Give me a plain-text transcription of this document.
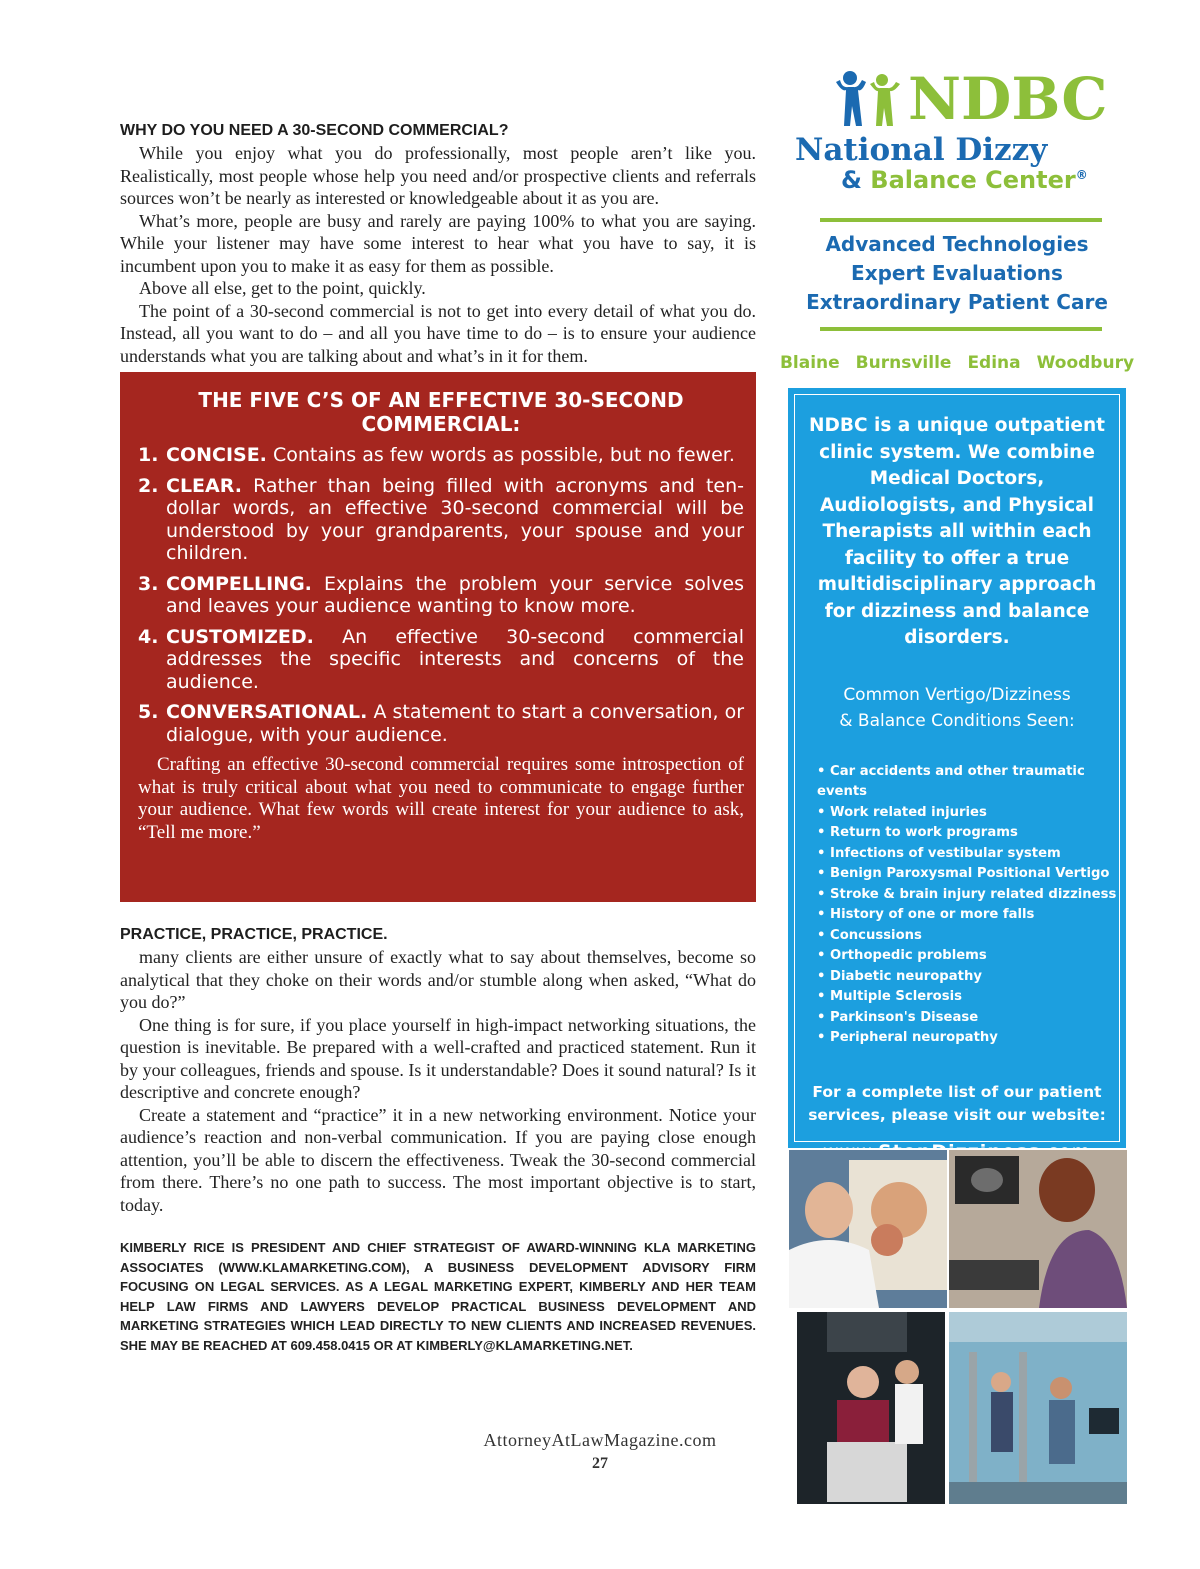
WHY DO YOU NEED A 30-SECOND COMMERCIAL?

While you enjoy what you do professionally, most people aren’t like you. Realistically, most people whose help you need and/or prospective clients and referrals sources won’t be nearly as interested or knowledgeable about it as you are.

What’s more, people are busy and rarely are paying 100% to what you are saying. While your listener may have some interest to hear what you have to say, it is incumbent upon you to make it as easy for them as possible.

Above all else, get to the point, quickly.

The point of a 30-second commercial is not to get into every detail of what you do. Instead, all you want to do – and all you have time to do – is to ensure your audience understands what you are talking about and what’s in it for them.

THE FIVE C’S OF AN EFFECTIVE 30-SECOND COMMERCIAL:
1. CONCISE. Contains as few words as possible, but no fewer.
2. CLEAR. Rather than being filled with acronyms and ten-dollar words, an effective 30-second commercial will be understood by your grandparents, your spouse and your children.
3. COMPELLING. Explains the problem your service solves and leaves your audience wanting to know more.
4. CUSTOMIZED. An effective 30-second commercial addresses the specific interests and concerns of the audience.
5. CONVERSATIONAL. A statement to start a conversation, or dialogue, with your audience.

Crafting an effective 30-second commercial requires some introspection of what is truly critical about what you need to communicate to engage further your audience. What few words will create interest for your audience to ask, “Tell me more.”

PRACTICE, PRACTICE, PRACTICE.

many clients are either unsure of exactly what to say about themselves, become so analytical that they choke on their words and/or stumble along when asked, “What do you do?”

One thing is for sure, if you place yourself in high-impact networking situations, the question is inevitable. Be prepared with a well-crafted and practiced statement. Run it by your colleagues, friends and spouse. Is it understandable? Does it sound natural? Is it descriptive and concrete enough?

Create a statement and “practice” it in a new networking environment. Notice your audience’s reaction and non-verbal communication. If you are paying close enough attention, you’ll be able to discern the effectiveness. Tweak the 30-second commercial from there. There’s no one path to success. The most important objective is to start, today.

KIMBERLY RICE IS PRESIDENT AND CHIEF STRATEGIST OF AWARD-WINNING KLA MARKETING ASSOCIATES (WWW.KLAMARKETING.COM), A BUSINESS DEVELOPMENT ADVISORY FIRM FOCUSING ON LEGAL SERVICES. AS A LEGAL MARKETING EXPERT, KIMBERLY AND HER TEAM HELP LAW FIRMS AND LAWYERS DEVELOP PRACTICAL BUSINESS DEVELOPMENT AND MARKETING STRATEGIES WHICH LEAD DIRECTLY TO NEW CLIENTS AND INCREASED REVENUES. SHE MAY BE REACHED AT 609.458.0415 OR AT KIMBERLY@KLAMARKETING.NET.
AttorneyAtLawMagazine.com
27
NDBC
National Dizzy
& Balance Center®
Advanced Technologies
Expert Evaluations
Extraordinary Patient Care
Blaine Burnsville Edina Woodbury
NDBC is a unique outpatient clinic system. We combine Medical Doctors, Audiologists, and Physical Therapists all within each facility to offer a true multidisciplinary approach for dizziness and balance disorders.
Common Vertigo/Dizziness
& Balance Conditions Seen:
• Car accidents and other traumatic events
• Work related injuries
• Return to work programs
• Infections of vestibular system
• Benign Paroxysmal Positional Vertigo
• Stroke & brain injury related dizziness
• History of one or more falls
• Concussions
• Orthopedic problems
• Diabetic neuropathy
• Multiple Sclerosis
• Parkinson's Disease
• Peripheral neuropathy
For a complete list of our patient services, please visit our website:
